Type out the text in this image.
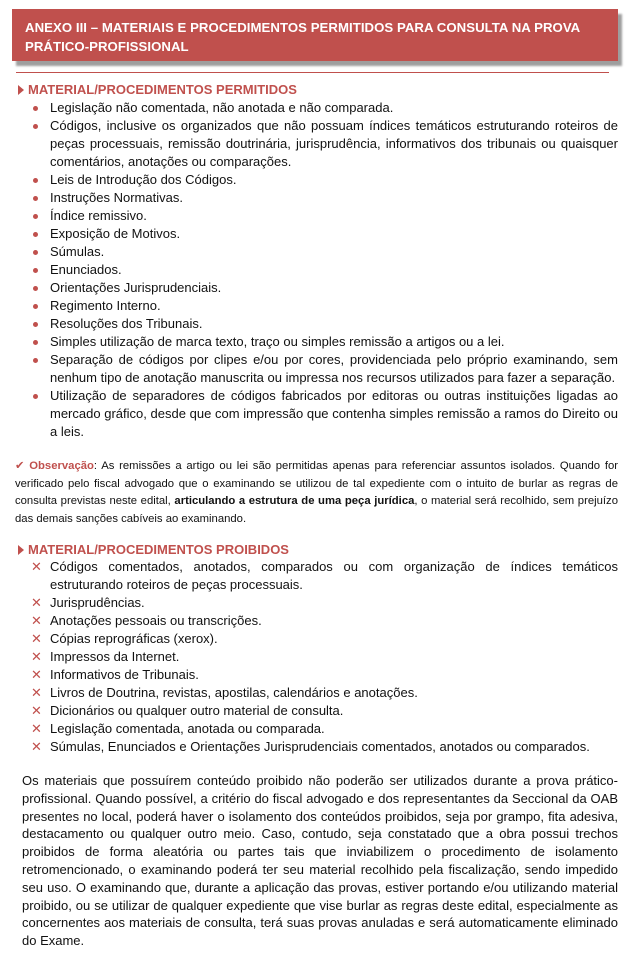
ANEXO III – MATERIAIS E PROCEDIMENTOS PERMITIDOS PARA CONSULTA NA PROVA
PRÁTICO-PROFISSIONAL
MATERIAL/PROCEDIMENTOS PERMITIDOS
Legislação não comentada, não anotada e não comparada.
Códigos, inclusive os organizados que não possuam índices temáticos estruturando roteiros de peças processuais, remissão doutrinária, jurisprudência, informativos dos tribunais ou quaisquer comentários, anotações ou comparações.
Leis de Introdução dos Códigos.
Instruções Normativas.
Índice remissivo.
Exposição de Motivos.
Súmulas.
Enunciados.
Orientações Jurisprudenciais.
Regimento Interno.
Resoluções dos Tribunais.
Simples utilização de marca texto, traço ou simples remissão a artigos ou a lei.
Separação de códigos por clipes e/ou por cores, providenciada pelo próprio examinando, sem nenhum tipo de anotação manuscrita ou impressa nos recursos utilizados para fazer a separação.
Utilização de separadores de códigos fabricados por editoras ou outras instituições ligadas ao mercado gráfico, desde que com impressão que contenha simples remissão a ramos do Direito ou a leis.
✔ Observação: As remissões a artigo ou lei são permitidas apenas para referenciar assuntos isolados. Quando for verificado pelo fiscal advogado que o examinando se utilizou de tal expediente com o intuito de burlar as regras de consulta previstas neste edital, articulando a estrutura de uma peça jurídica, o material será recolhido, sem prejuízo das demais sanções cabíveis ao examinando.
MATERIAL/PROCEDIMENTOS PROIBIDOS
✕ Códigos comentados, anotados, comparados ou com organização de índices temáticos estruturando roteiros de peças processuais.
✕ Jurisprudências.
✕ Anotações pessoais ou transcrições.
✕ Cópias reprográficas (xerox).
✕ Impressos da Internet.
✕ Informativos de Tribunais.
✕ Livros de Doutrina, revistas, apostilas, calendários e anotações.
✕ Dicionários ou qualquer outro material de consulta.
✕ Legislação comentada, anotada ou comparada.
✕ Súmulas, Enunciados e Orientações Jurisprudenciais comentados, anotados ou comparados.
Os materiais que possuírem conteúdo proibido não poderão ser utilizados durante a prova prático-profissional. Quando possível, a critério do fiscal advogado e dos representantes da Seccional da OAB presentes no local, poderá haver o isolamento dos conteúdos proibidos, seja por grampo, fita adesiva, destacamento ou qualquer outro meio. Caso, contudo, seja constatado que a obra possui trechos proibidos de forma aleatória ou partes tais que inviabilizem o procedimento de isolamento retromencionado, o examinando poderá ter seu material recolhido pela fiscalização, sendo impedido seu uso. O examinando que, durante a aplicação das provas, estiver portando e/ou utilizando material proibido, ou se utilizar de qualquer expediente que vise burlar as regras deste edital, especialmente as concernentes aos materiais de consulta, terá suas provas anuladas e será automaticamente eliminado do Exame.
